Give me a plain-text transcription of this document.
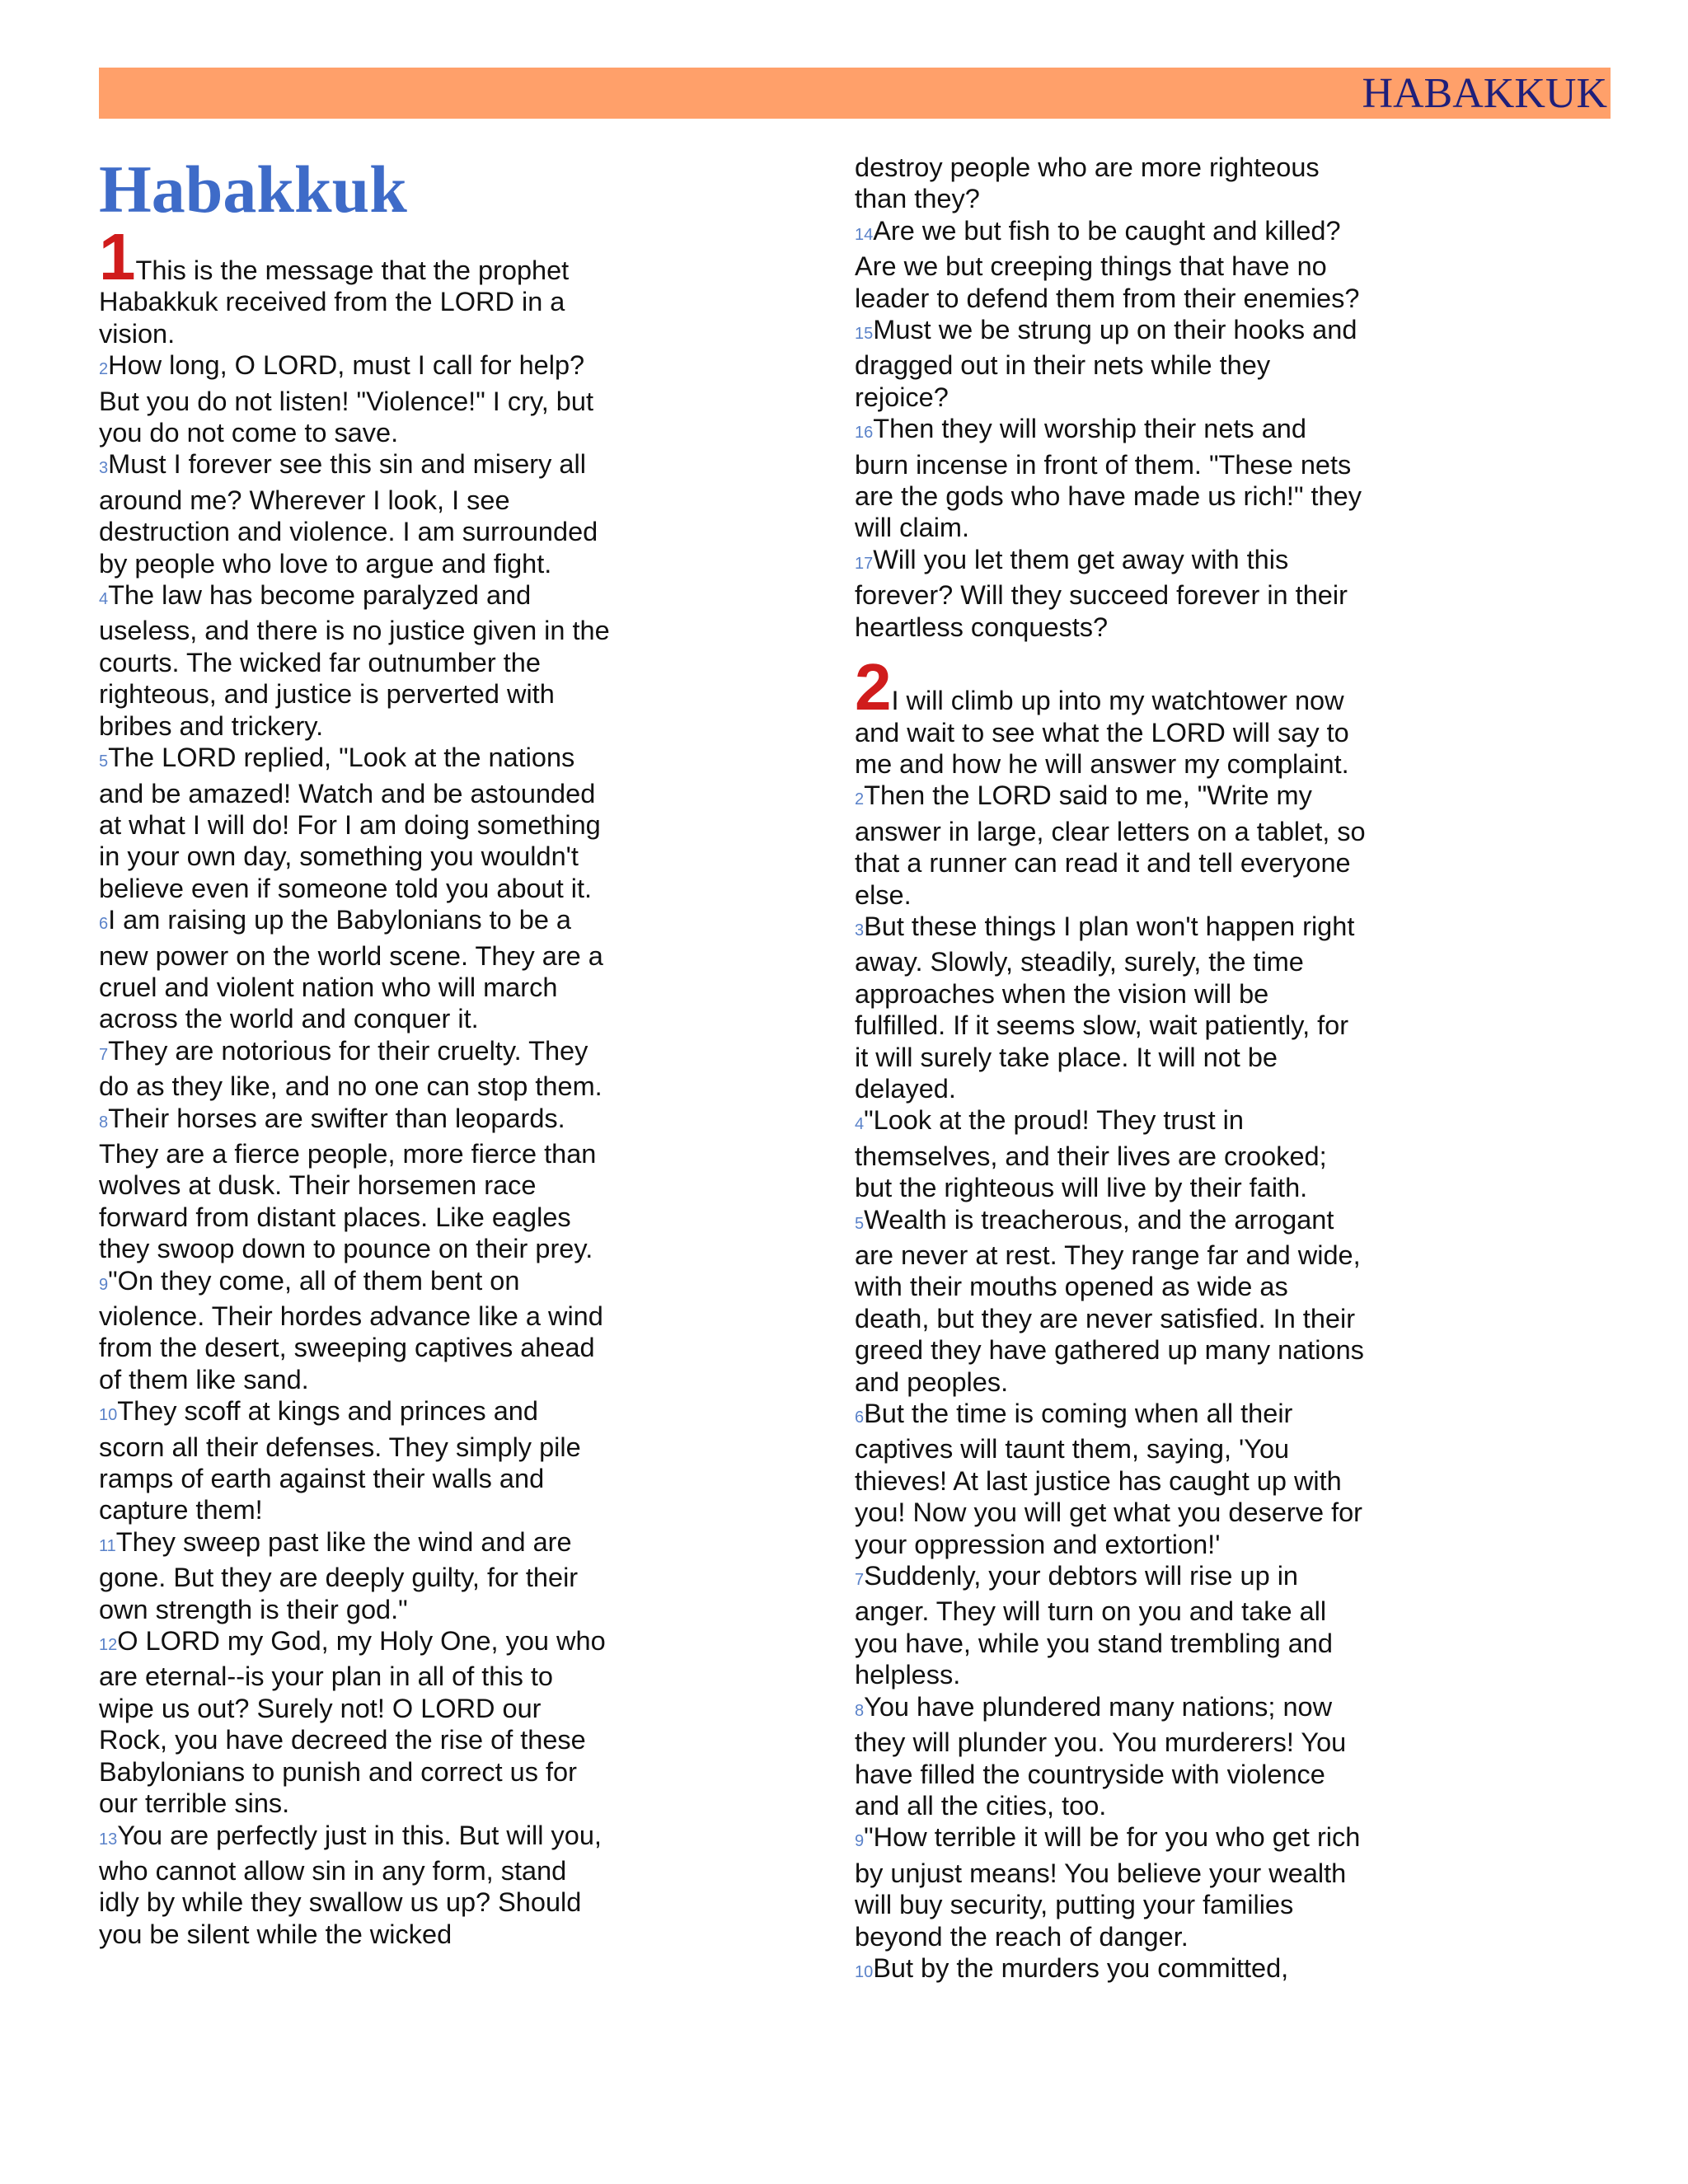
HABAKKUK
Habakkuk
1This is the message that the prophet Habakkuk received from the LORD in a vision.
2How long, O LORD, must I call for help? But you do not listen! "Violence!" I cry, but you do not come to save.
3Must I forever see this sin and misery all around me? Wherever I look, I see destruction and violence. I am surrounded by people who love to argue and fight.
4The law has become paralyzed and useless, and there is no justice given in the courts. The wicked far outnumber the righteous, and justice is perverted with bribes and trickery.
5The LORD replied, "Look at the nations and be amazed! Watch and be astounded at what I will do! For I am doing something in your own day, something you wouldn't believe even if someone told you about it.
6I am raising up the Babylonians to be a new power on the world scene. They are a cruel and violent nation who will march across the world and conquer it.
7They are notorious for their cruelty. They do as they like, and no one can stop them.
8Their horses are swifter than leopards. They are a fierce people, more fierce than wolves at dusk. Their horsemen race forward from distant places. Like eagles they swoop down to pounce on their prey.
9"On they come, all of them bent on violence. Their hordes advance like a wind from the desert, sweeping captives ahead of them like sand.
10They scoff at kings and princes and scorn all their defenses. They simply pile ramps of earth against their walls and capture them!
11They sweep past like the wind and are gone. But they are deeply guilty, for their own strength is their god."
12O LORD my God, my Holy One, you who are eternal--is your plan in all of this to wipe us out? Surely not! O LORD our Rock, you have decreed the rise of these Babylonians to punish and correct us for our terrible sins.
13You are perfectly just in this. But will you, who cannot allow sin in any form, stand idly by while they swallow us up? Should you be silent while the wicked
destroy people who are more righteous than they?
14Are we but fish to be caught and killed? Are we but creeping things that have no leader to defend them from their enemies?
15Must we be strung up on their hooks and dragged out in their nets while they rejoice?
16Then they will worship their nets and burn incense in front of them. "These nets are the gods who have made us rich!" they will claim.
17Will you let them get away with this forever? Will they succeed forever in their heartless conquests?
2I will climb up into my watchtower now and wait to see what the LORD will say to me and how he will answer my complaint.
2Then the LORD said to me, "Write my answer in large, clear letters on a tablet, so that a runner can read it and tell everyone else.
3But these things I plan won't happen right away. Slowly, steadily, surely, the time approaches when the vision will be fulfilled. If it seems slow, wait patiently, for it will surely take place. It will not be delayed.
4"Look at the proud! They trust in themselves, and their lives are crooked; but the righteous will live by their faith.
5Wealth is treacherous, and the arrogant are never at rest. They range far and wide, with their mouths opened as wide as death, but they are never satisfied. In their greed they have gathered up many nations and peoples.
6But the time is coming when all their captives will taunt them, saying, 'You thieves! At last justice has caught up with you! Now you will get what you deserve for your oppression and extortion!'
7Suddenly, your debtors will rise up in anger. They will turn on you and take all you have, while you stand trembling and helpless.
8You have plundered many nations; now they will plunder you. You murderers! You have filled the countryside with violence and all the cities, too.
9"How terrible it will be for you who get rich by unjust means! You believe your wealth will buy security, putting your families beyond the reach of danger.
10But by the murders you committed,
